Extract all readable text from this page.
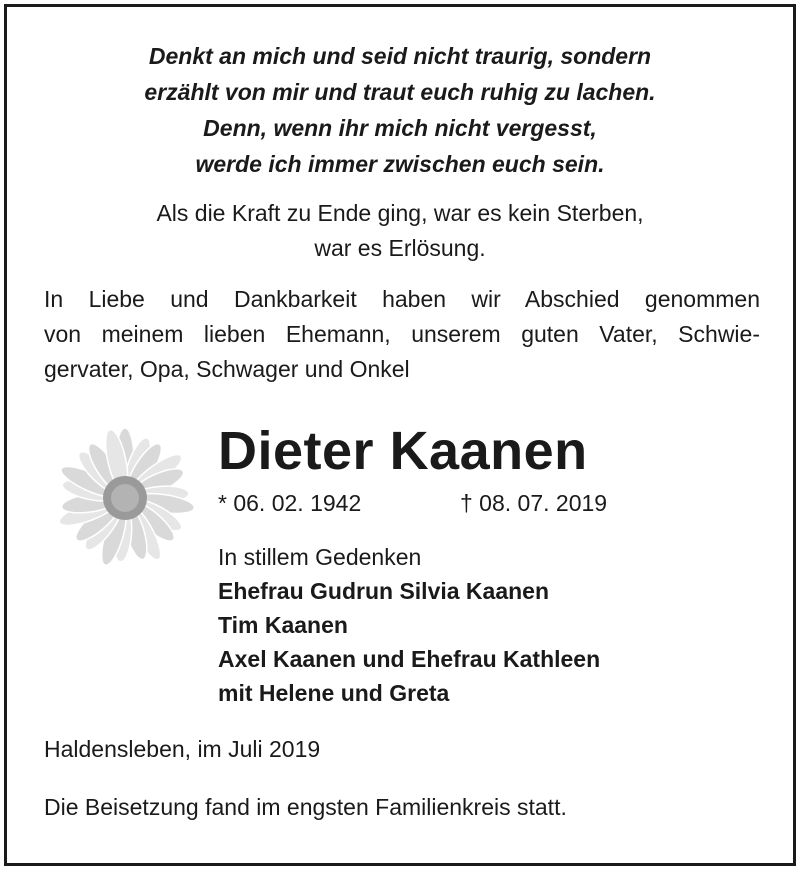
Denkt an mich und seid nicht traurig, sondern
erzählt von mir und traut euch ruhig zu lachen.
Denn, wenn ihr mich nicht vergesst,
werde ich immer zwischen euch sein.
Als die Kraft zu Ende ging, war es kein Sterben,
war es Erlösung.
In Liebe und Dankbarkeit haben wir Abschied genommen
von meinem lieben Ehemann, unserem guten Vater, Schwie-
gervater, Opa, Schwager und Onkel
Dieter Kaanen
* 06. 02. 1942	† 08. 07. 2019
In stillem Gedenken
Ehefrau Gudrun Silvia Kaanen
Tim Kaanen
Axel Kaanen und Ehefrau Kathleen
mit Helene und Greta
Haldensleben, im Juli 2019
Die Beisetzung fand im engsten Familienkreis statt.
